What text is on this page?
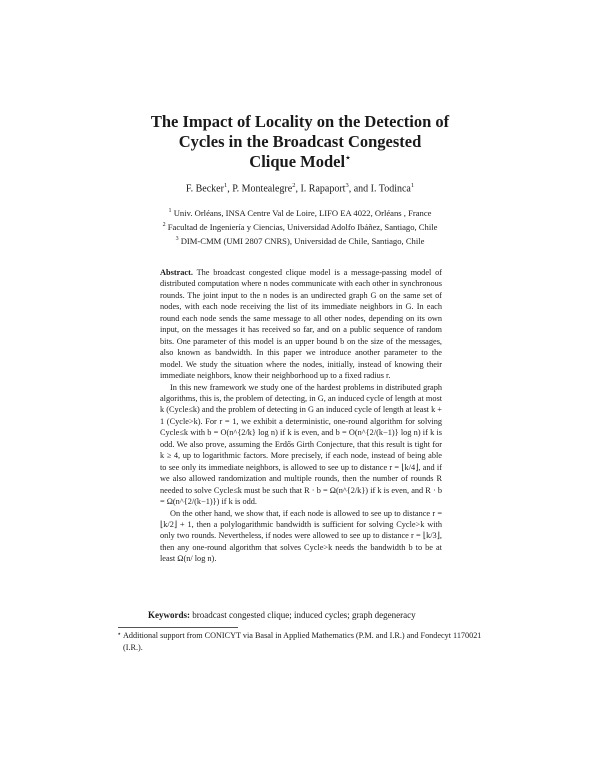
The Impact of Locality on the Detection of
Cycles in the Broadcast Congested
Clique Model⋆
F. Becker$^1$, P. Montealegre$^2$, I. Rapaport$^3$, and I. Todinca$^1$
$^1$ Univ. Orléans, INSA Centre Val de Loire, LIFO EA 4022, Orléans , France
$^2$ Facultad de Ingeniería y Ciencias, Universidad Adolfo Ibáñez, Santiago, Chile
$^3$ DIM-CMM (UMI 2807 CNRS), Universidad de Chile, Santiago, Chile

Abstract. The broadcast congested clique model is a message-passing model of distributed computation where n nodes communicate with each other in synchronous rounds. The joint input to the n nodes is an undirected graph G on the same set of nodes, with each node receiving the list of its immediate neighbors in G. In each round each node sends the same message to all other nodes, depending on its own input, on the messages it has received so far, and on a public sequence of random bits. One parameter of this model is an upper bound b on the size of the messages, also known as bandwidth. In this paper we introduce another parameter to the model. We study the situation where the nodes, initially, instead of knowing their immediate neighbors, know their neighborhood up to a fixed radius r.

In this new framework we study one of the hardest problems in distributed graph algorithms, this is, the problem of detecting, in G, an induced cycle of length at most k (Cycle≤k) and the problem of detecting in G an induced cycle of length at least k + 1 (Cycle>k). For r = 1, we exhibit a deterministic, one-round algorithm for solving Cycle≤k with b = O(n^{2/k} log n) if k is even, and b = O(n^{2/(k−1)} log n) if k is odd. We also prove, assuming the Erdős Girth Conjecture, that this result is tight for k ≥ 4, up to logarithmic factors. More precisely, if each node, instead of being able to see only its immediate neighbors, is allowed to see up to distance r = ⌊k/4⌋, and if we also allowed randomization and multiple rounds, then the number of rounds R needed to solve Cycle≤k must be such that R · b = Ω(n^{2/k}) if k is even, and R · b = Ω(n^{2/(k−1)}) if k is odd.

On the other hand, we show that, if each node is allowed to see up to distance r = ⌊k/2⌋ + 1, then a polylogarithmic bandwidth is sufficient for solving Cycle>k with only two rounds. Nevertheless, if nodes were allowed to see up to distance r = ⌊k/3⌋, then any one-round algorithm that solves Cycle>k needs the bandwidth b to be at least Ω(n/ log n).

Keywords: broadcast congested clique; induced cycles; graph degeneracy
⋆ Additional support from CONICYT via Basal in Applied Mathematics (P.M. and I.R.) and Fondecyt 1170021 (I.R.).
